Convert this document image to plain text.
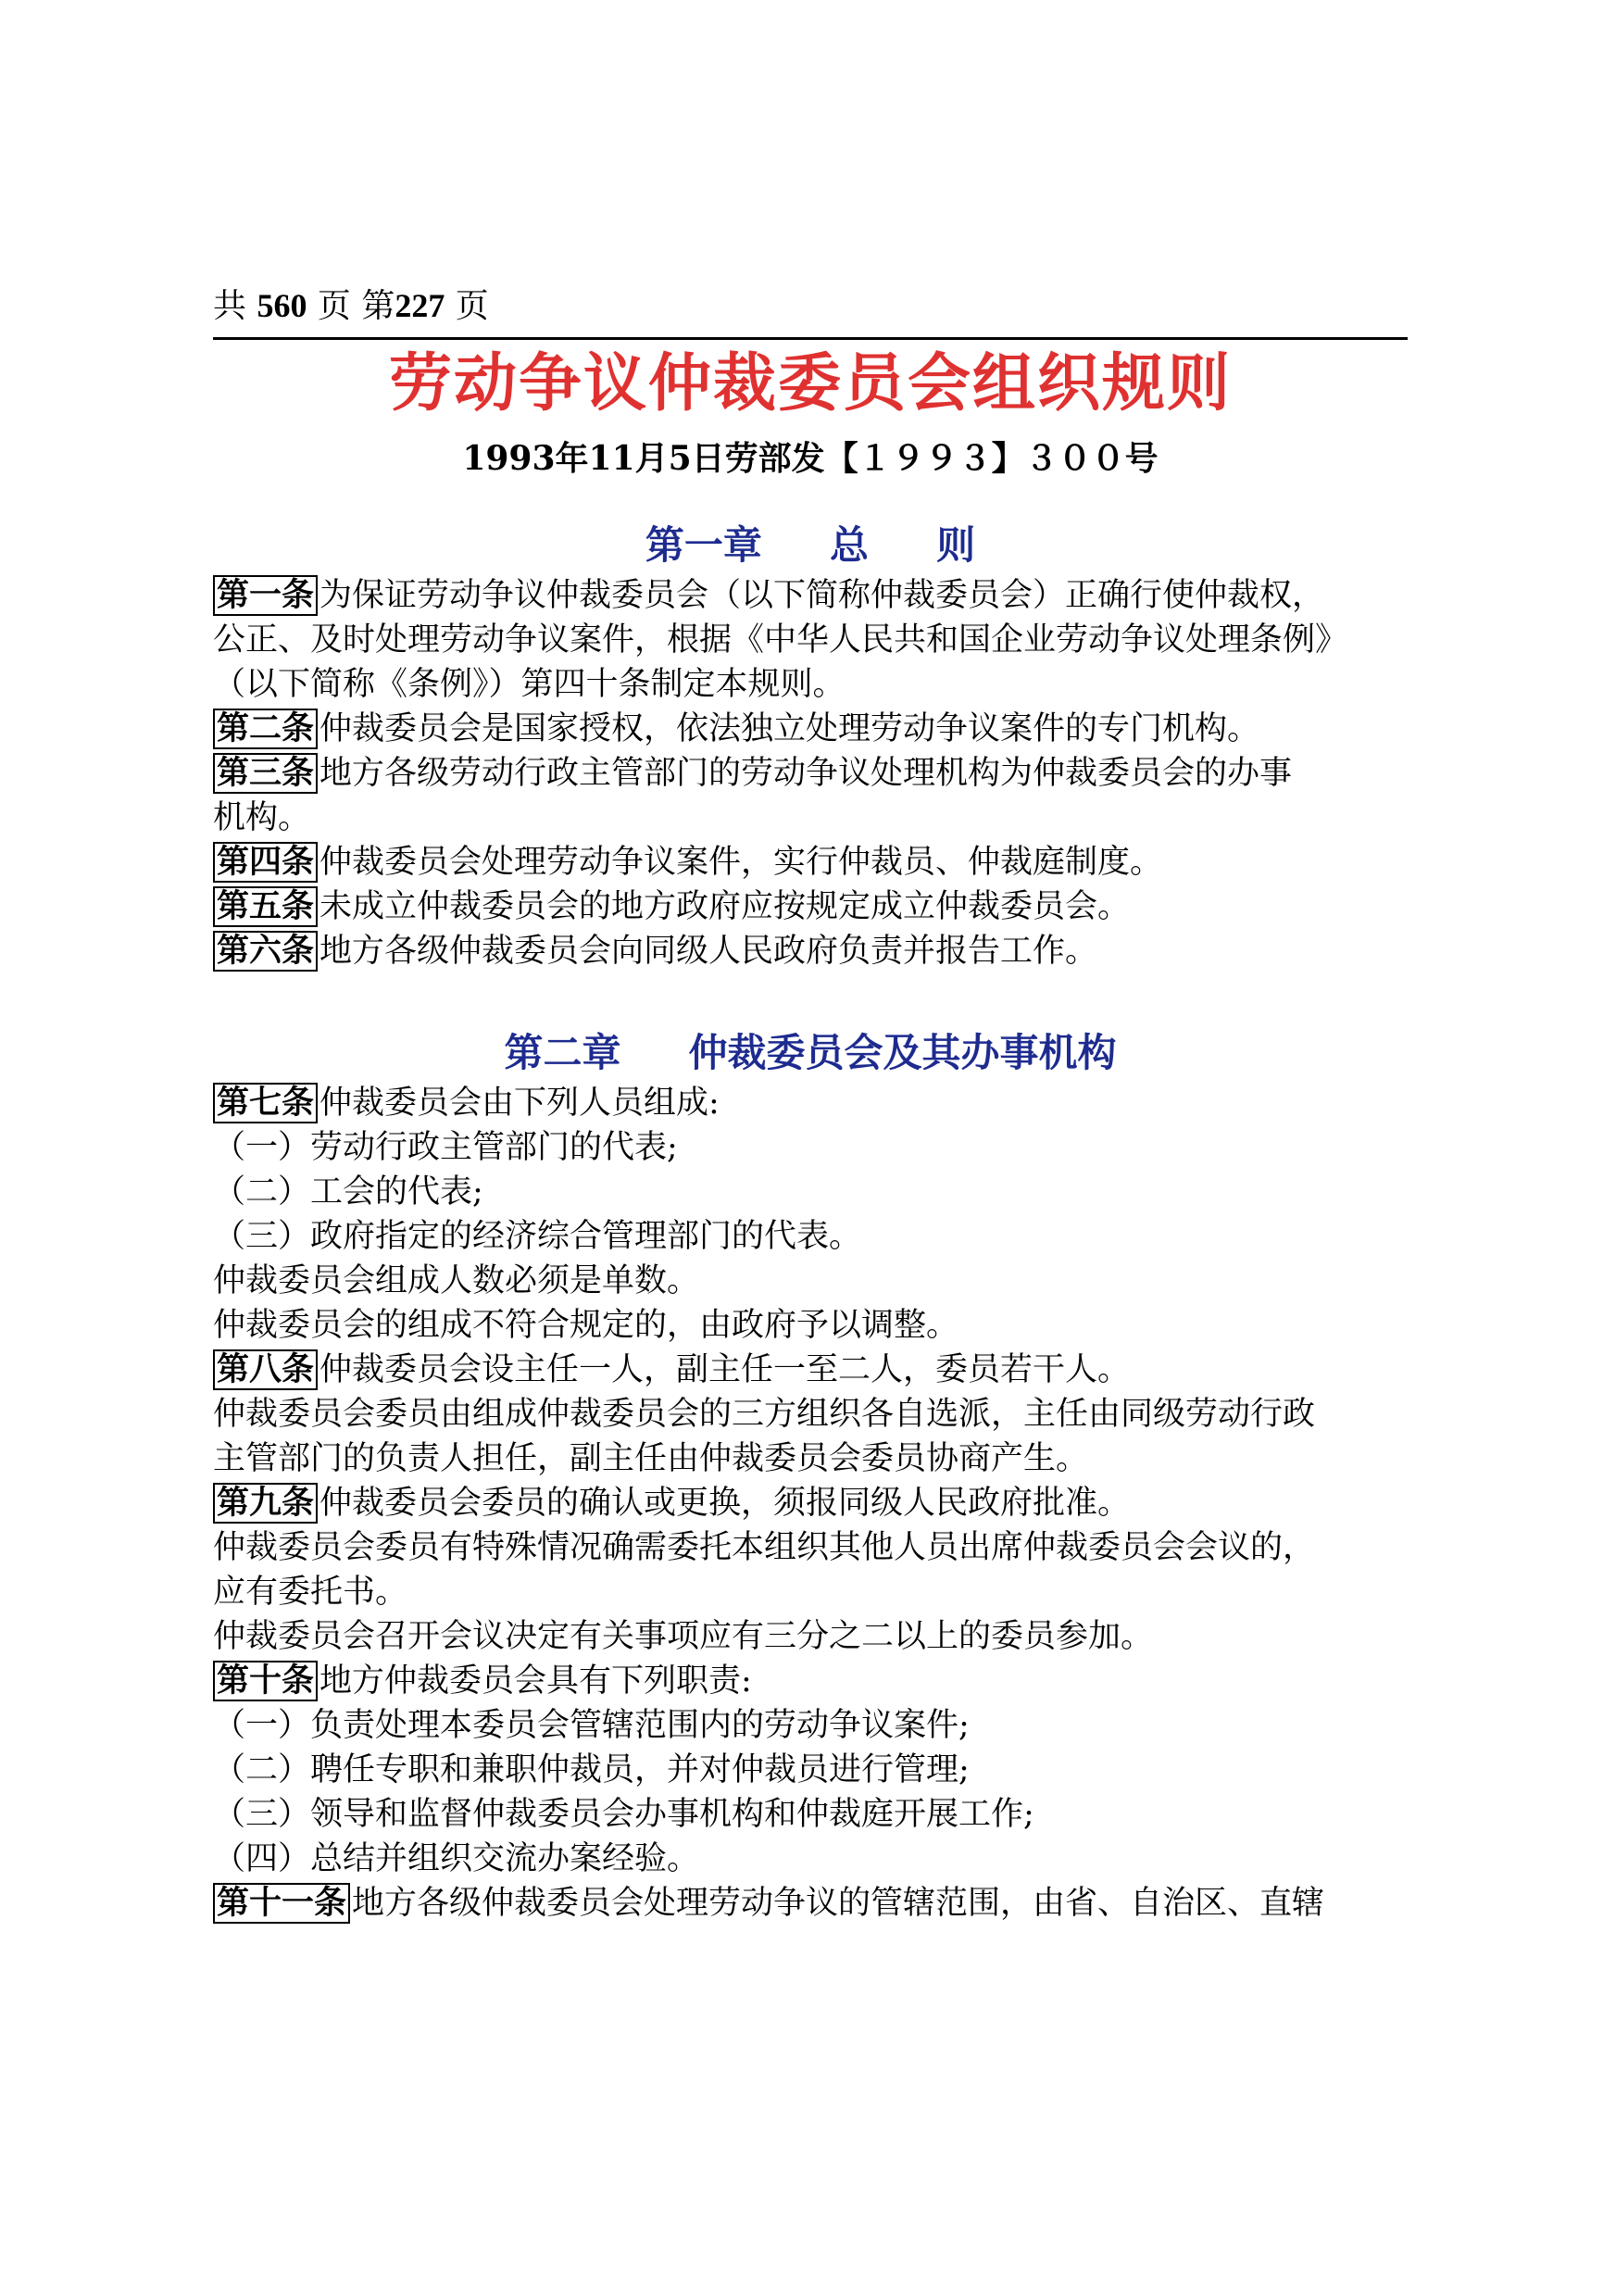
共 560 页 第227 页
劳动争议仲裁委员会组织规则
1993年11月5日劳部发【１９９３】３００号
第一章     总     则

第一条 为保证劳动争议仲裁委员会（以下简称仲裁委员会）正确行使仲裁权，

公正、及时处理劳动争议案件，根据《中华人民共和国企业劳动争议处理条例》

（以下简称《条例》）第四十条制定本规则。

第二条 仲裁委员会是国家授权，依法独立处理劳动争议案件的专门机构。

第三条 地方各级劳动行政主管部门的劳动争议处理机构为仲裁委员会的办事

机构。

第四条 仲裁委员会处理劳动争议案件，实行仲裁员、仲裁庭制度。

第五条 未成立仲裁委员会的地方政府应按规定成立仲裁委员会。

第六条 地方各级仲裁委员会向同级人民政府负责并报告工作。

第二章     仲裁委员会及其办事机构

第七条 仲裁委员会由下列人员组成:

（一）劳动行政主管部门的代表;

（二）工会的代表;

（三）政府指定的经济综合管理部门的代表。

仲裁委员会组成人数必须是单数。

仲裁委员会的组成不符合规定的，由政府予以调整。

第八条 仲裁委员会设主任一人，副主任一至二人，委员若干人。

仲裁委员会委员由组成仲裁委员会的三方组织各自选派，主任由同级劳动行政

主管部门的负责人担任，副主任由仲裁委员会委员协商产生。

第九条 仲裁委员会委员的确认或更换，须报同级人民政府批准。

仲裁委员会委员有特殊情况确需委托本组织其他人员出席仲裁委员会会议的，

应有委托书。

仲裁委员会召开会议决定有关事项应有三分之二以上的委员参加。

第十条 地方仲裁委员会具有下列职责:

（一）负责处理本委员会管辖范围内的劳动争议案件;

（二）聘任专职和兼职仲裁员，并对仲裁员进行管理;

（三）领导和监督仲裁委员会办事机构和仲裁庭开展工作;

（四）总结并组织交流办案经验。

第十一条 地方各级仲裁委员会处理劳动争议的管辖范围，由省、自治区、直辖
